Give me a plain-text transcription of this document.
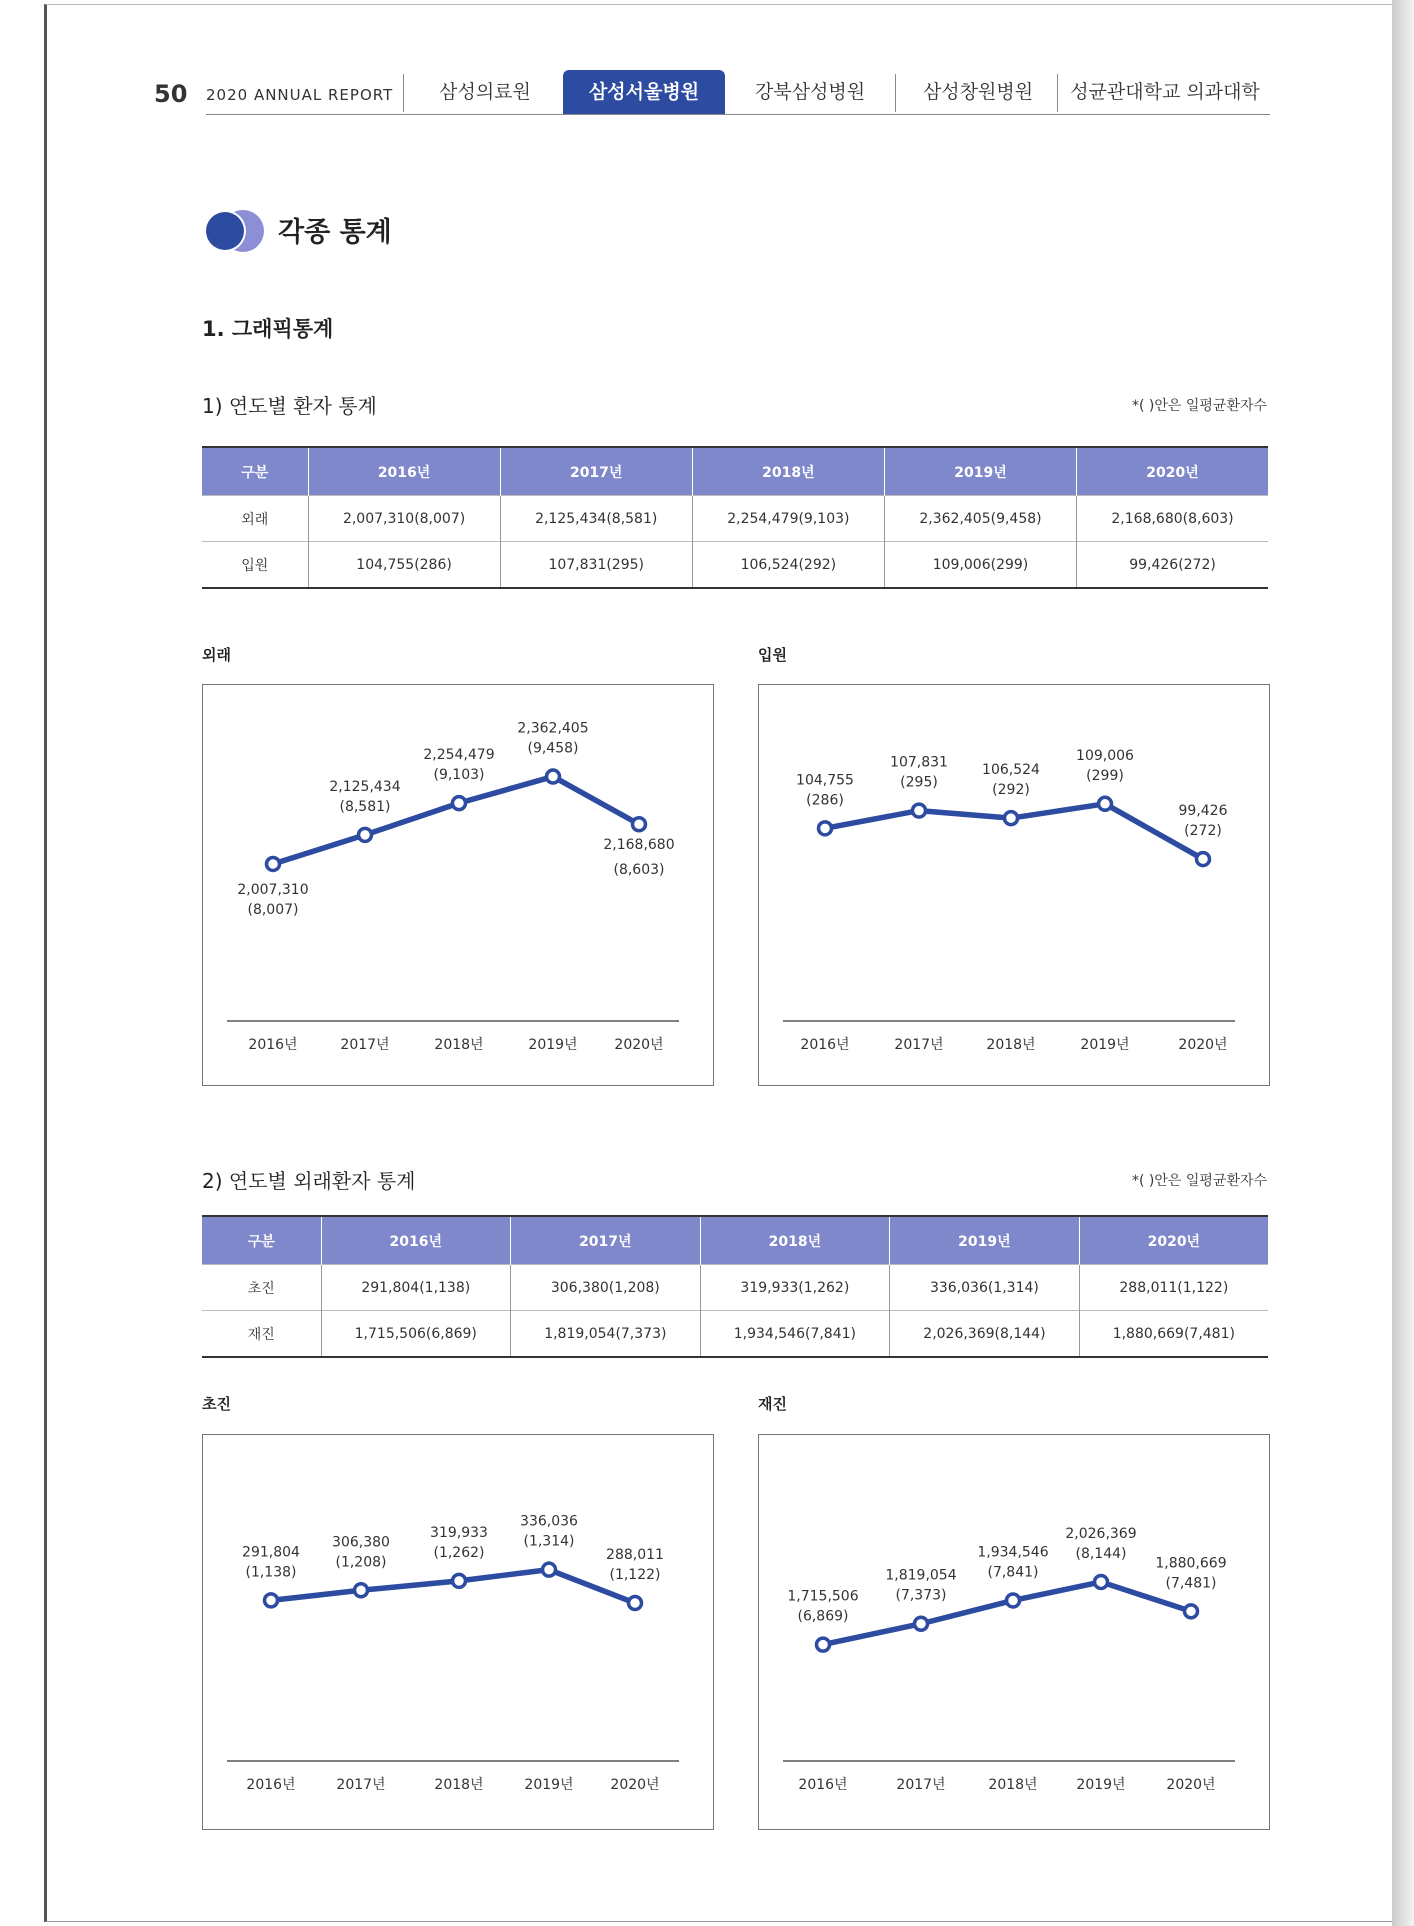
50 2020 ANNUAL REPORT	삼성의료원	삼성서울병원	강북삼성병원	삼성창원병원	성균관대학교 의과대학
각종 통계
1. 그래픽통계
1) 연도별 환자 통계	*( )안은 일평균환자수
구분	2016년	2017년	2018년	2019년	2020년
외래	2,007,310(8,007)	2,125,434(8,581)	2,254,479(9,103)	2,362,405(9,458)	2,168,680(8,603)
입원	104,755(286)	107,831(295)	106,524(292)	109,006(299)	99,426(272)
외래	입원
2,007,310
(8,007)
2016년
2,125,434
(8,581)
2017년
2,254,479
(9,103)
2018년
2,362,405
(9,458)
2019년
2,168,680
(8,603)
2020년
104,755
(286)
2016년
107,831
(295)
2017년
106,524
(292)
2018년
109,006
(299)
2019년
99,426
(272)
2020년
2) 연도별 외래환자 통계	*( )안은 일평균환자수
구분	2016년	2017년	2018년	2019년	2020년
초진	291,804(1,138)	306,380(1,208)	319,933(1,262)	336,036(1,314)	288,011(1,122)
재진	1,715,506(6,869)	1,819,054(7,373)	1,934,546(7,841)	2,026,369(8,144)	1,880,669(7,481)
초진	재진
291,804
(1,138)
2016년
306,380
(1,208)
2017년
319,933
(1,262)
2018년
336,036
(1,314)
2019년
288,011
(1,122)
2020년
1,715,506
(6,869)
2016년
1,819,054
(7,373)
2017년
1,934,546
(7,841)
2018년
2,026,369
(8,144)
2019년
1,880,669
(7,481)
2020년
